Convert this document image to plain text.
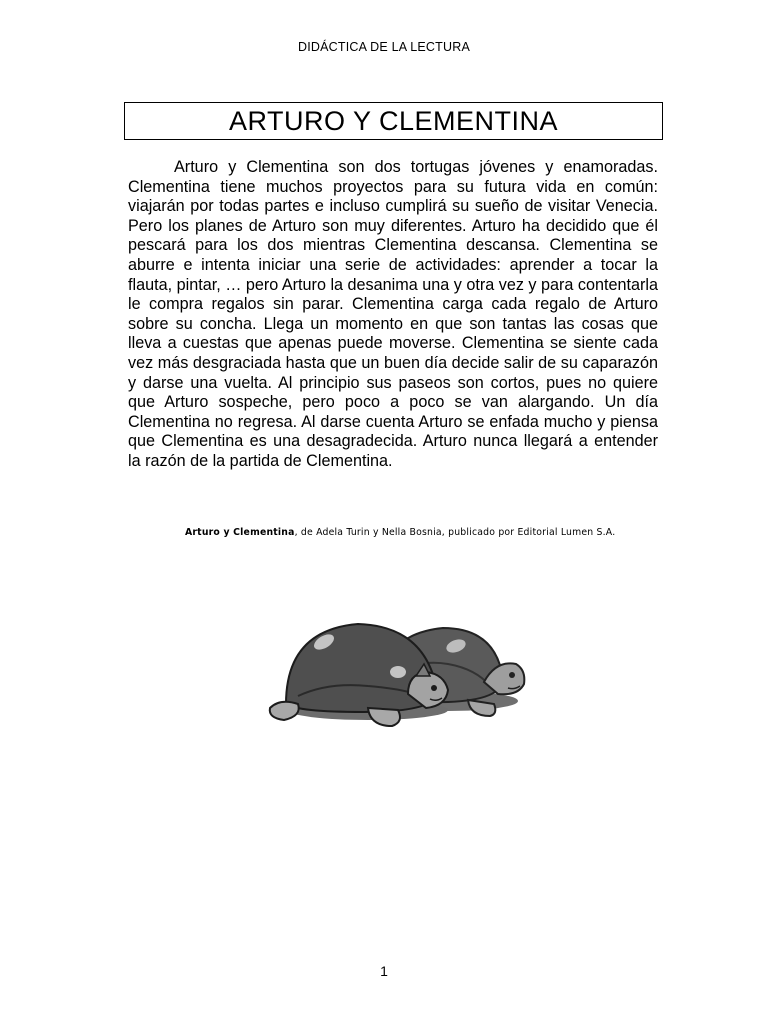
DIDÁCTICA DE LA LECTURA
ARTURO Y CLEMENTINA

Arturo y Clementina son dos tortugas jóvenes y enamoradas. Clementina tiene muchos proyectos para su futura vida en común: viajarán por todas partes e incluso cumplirá su sueño de visitar Venecia. Pero los planes de Arturo son muy diferentes. Arturo ha decidido que él pescará para los dos mientras Clementina descansa. Clementina se aburre e intenta iniciar una serie de actividades: aprender a tocar la flauta, pintar, … pero Arturo la desanima una y otra vez y para contentarla le compra regalos sin parar. Clementina carga cada regalo de Arturo sobre su concha. Llega un momento en que son tantas las cosas que lleva a cuestas que apenas puede moverse. Clementina se siente cada vez más desgraciada hasta que un buen día decide salir de su caparazón y darse una vuelta. Al principio sus paseos son cortos, pues no quiere que Arturo sospeche, pero poco a poco se van alargando. Un día Clementina no regresa. Al darse cuenta Arturo se enfada mucho y piensa que Clementina es una desagradecida. Arturo nunca llegará a entender la razón de la partida de Clementina.

Arturo y Clementina, de Adela Turin y Nella Bosnia, publicado por Editorial Lumen S.A.

1
